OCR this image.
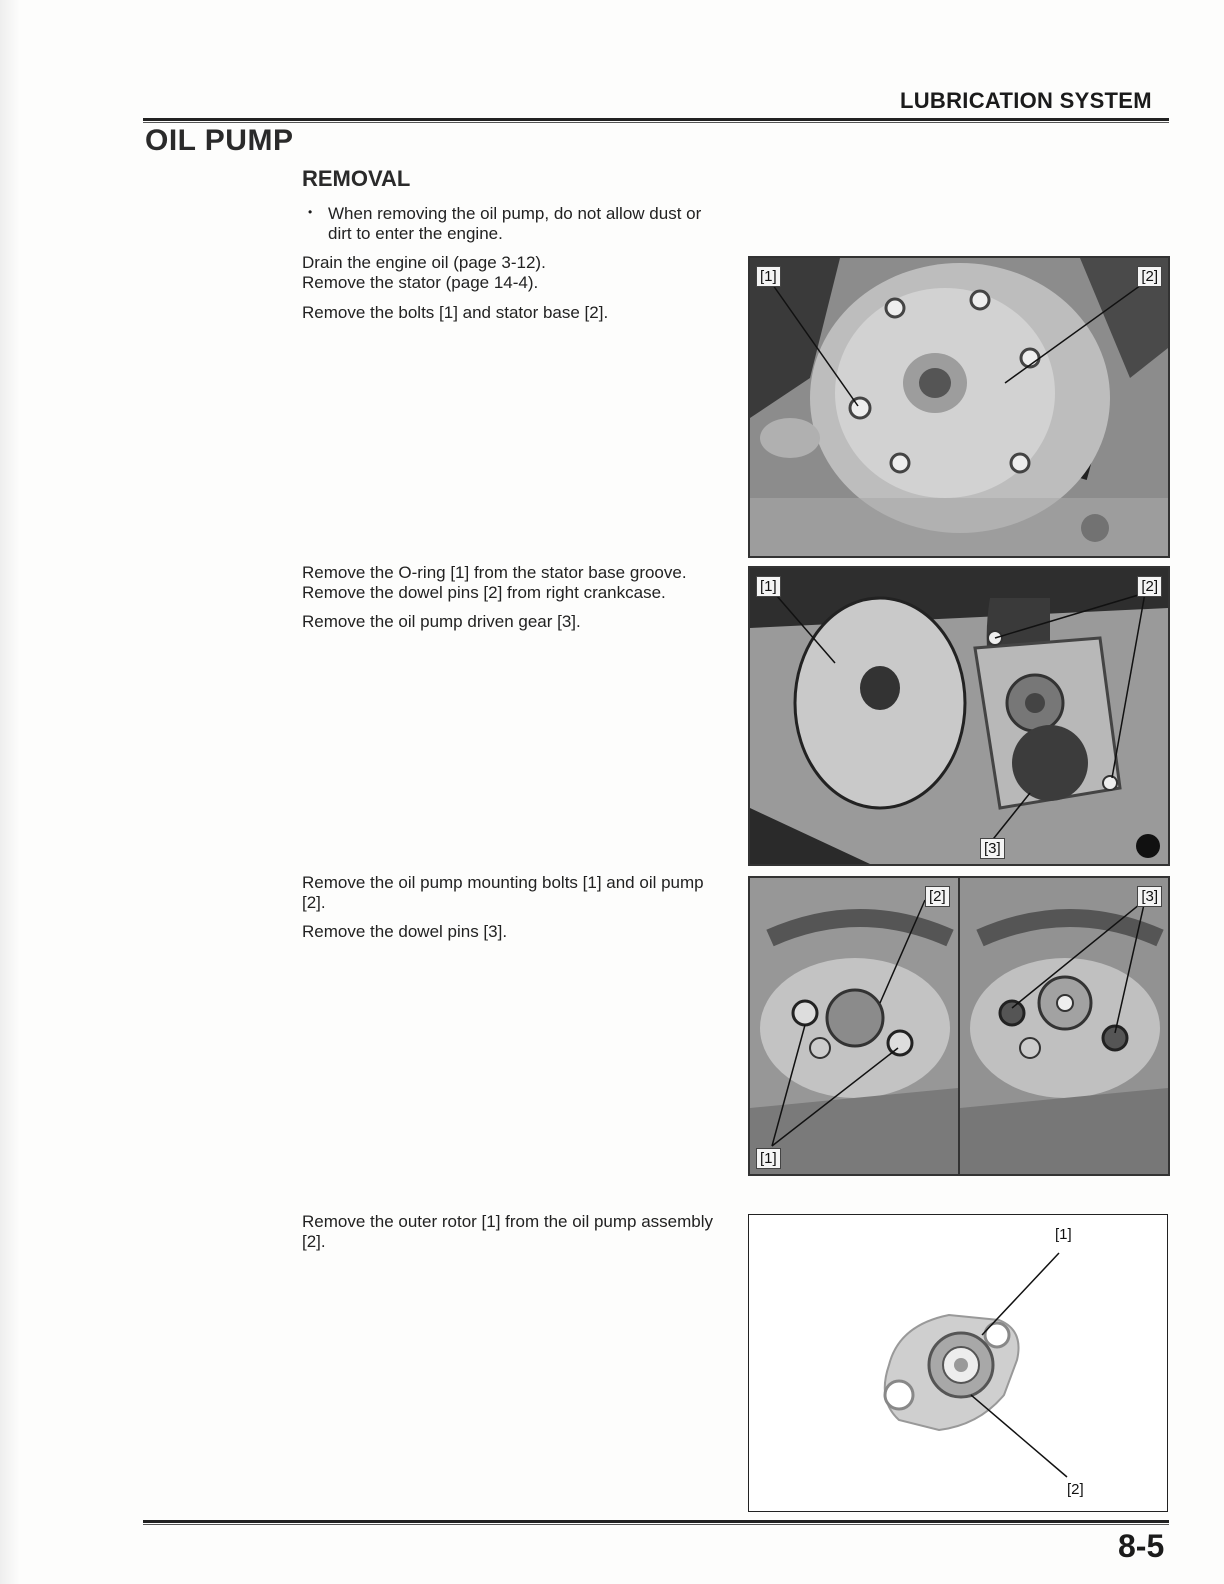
LUBRICATION SYSTEM
OIL PUMP
REMOVAL
• When removing the oil pump, do not allow dust or
dirt to enter the engine.
Drain the engine oil (page 3-12).
Remove the stator (page 14-4).
Remove the bolts [1] and stator base [2].
Remove the O-ring [1] from the stator base groove.
Remove the dowel pins [2] from right crankcase.
Remove the oil pump driven gear [3].
Remove the oil pump mounting bolts [1] and oil pump
[2].
Remove the dowel pins [3].
Remove the outer rotor [1] from the oil pump assembly
[2].
[1]	[2]
[1]	[2]
[3]
[2]	[3]
[1]
[1]
[2]
8-5
